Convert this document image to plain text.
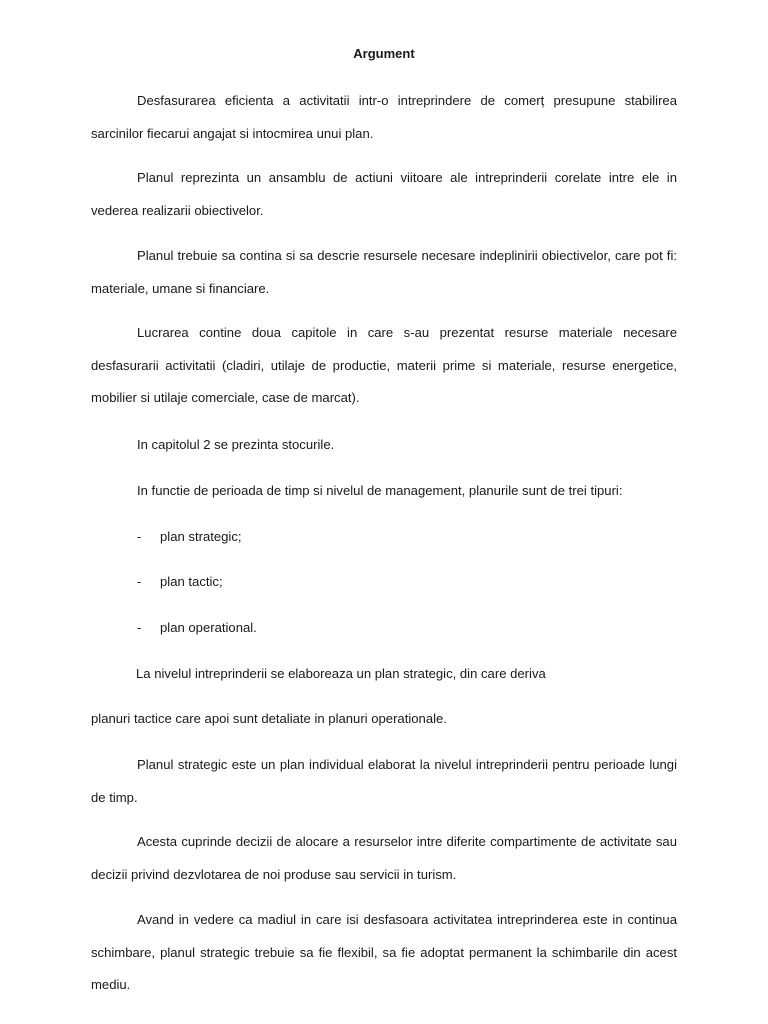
Argument

Desfasurarea eficienta a activitatii intr-o intreprindere de comerț presupune stabilirea sarcinilor fiecarui angajat si intocmirea unui plan.

Planul reprezinta un ansamblu de actiuni viitoare ale intreprinderii corelate intre ele in vederea realizarii obiectivelor.

Planul trebuie sa contina si sa descrie resursele necesare indeplinirii obiectivelor, care pot fi: materiale, umane si financiare.

Lucrarea contine doua capitole in care s-au prezentat resurse materiale necesare desfasurarii activitatii (cladiri, utilaje de productie, materii prime si materiale, resurse energetice, mobilier si utilaje comerciale, case de marcat).

In capitolul 2 se prezinta stocurile.

In functie de perioada de timp si nivelul de management, planurile sunt de trei tipuri:

- plan strategic;
- plan tactic;
- plan operational.

La nivelul intreprinderii se elaboreaza un plan strategic, din care deriva

planuri tactice care apoi sunt detaliate in planuri operationale.

Planul strategic este un plan individual elaborat la nivelul intreprinderii pentru perioade lungi de timp.

Acesta cuprinde decizii de alocare a resurselor intre diferite compartimente de activitate sau decizii privind dezvlotarea de noi produse sau servicii in turism.

Avand in vedere ca madiul in care isi desfasoara activitatea intreprinderea este in continua schimbare, planul strategic trebuie sa fie flexibil, sa fie adoptat permanent la schimbarile din acest mediu.
